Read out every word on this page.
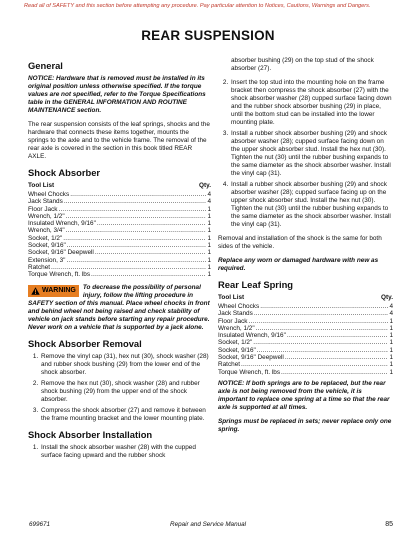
Read all of SAFETY and this section before attempting any procedure. Pay particular attention to Notices, Cautions, Warnings and Dangers.
REAR SUSPENSION
General

NOTICE: Hardware that is removed must be installed in its original position unless otherwise specified. If the torque values are not specified, refer to the Torque Specifications table in the GENERAL INFORMATION AND ROUTINE MAINTENANCE section.

The rear suspension consists of the leaf springs, shocks and the hardware that connects these items together, mounts the springs to the axle and to the vehicle frame. The removal of the rear axle is covered in the section in this book titled REAR AXLE.

Shock Absorber
Tool List	Qty.
Wheel Chocks .....	4
Jack Stands .....	4
Floor Jack .....	1
Wrench, 1/2" .....	1
Insulated Wrench, 9/16" .....	1
Wrench, 3/4" .....	1
Socket, 1/2" .....	1
Socket, 9/16" .....	1
Socket, 9/16" Deepwell .....	1
Extension, 3" .....	1
Ratchet .....	1
Torque Wrench, ft. lbs .....	1
WARNING To decrease the possibility of personal injury, follow the lifting procedure in SAFETY section of this manual. Place wheel chocks in front and behind wheel not being raised and check stability of vehicle on jack stands before starting any repair procedure. Never work on a vehicle that is supported by a jack alone.
Shock Absorber Removal
1. Remove the vinyl cap (31), hex nut (30), shock washer (28) and rubber shock bushing (29) from the lower end of the shock absorber.
2. Remove the hex nut (30), shock washer (28) and rubber shock bushing (29) from the upper end of the shock absorber.
3. Compress the shock absorber (27) and remove it between the frame mounting bracket and the lower mounting plate.
Shock Absorber Installation
1. Install the shock absorber washer (28) with the cupped surface facing upward and the rubber shock
absorber bushing (29) on the top stud of the shock absorber (27).
2. Insert the top stud into the mounting hole on the frame bracket then compress the shock absorber (27) with the shock absorber washer (28) cupped surface facing down and the rubber shock absorber bushing (29) in place, until the bottom stud can be installed into the lower mounting plate.
3. Install a rubber shock absorber bushing (29) and shock absorber washer (28); cupped surface facing down on the upper shock absorber stud. Install the hex nut (30). Tighten the nut (30) until the rubber bushing expands to the same diameter as the shock absorber washer. Install the vinyl cap (31).
4. Install a rubber shock absorber bushing (29) and shock absorber washer (28); cupped surface facing up on the upper shock absorber stud. Install the hex nut (30). Tighten the nut (30) until the rubber bushing expands to the same diameter as the shock absorber washer. Install the vinyl cap (31).

Removal and installation of the shock is the same for both sides of the vehicle.

Replace any worn or damaged hardware with new as required.

Rear Leaf Spring
Tool List	Qty.
Wheel Chocks .....	4
Jack Stands .....	4
Floor Jack .....	1
Wrench, 1/2" .....	1
Insulated Wrench, 9/16" .....	1
Socket, 1/2" .....	1
Socket, 9/16" .....	1
Socket, 9/16" Deepwell .....	1
Ratchet .....	1
Torque Wrench, ft. lbs .....	1

NOTICE: If both springs are to be replaced, but the rear axle is not being removed from the vehicle, it is important to replace one spring at a time so that the rear axle is supported at all times.

Springs must be replaced in sets; never replace only one spring.

699671	Repair and Service Manual	85
